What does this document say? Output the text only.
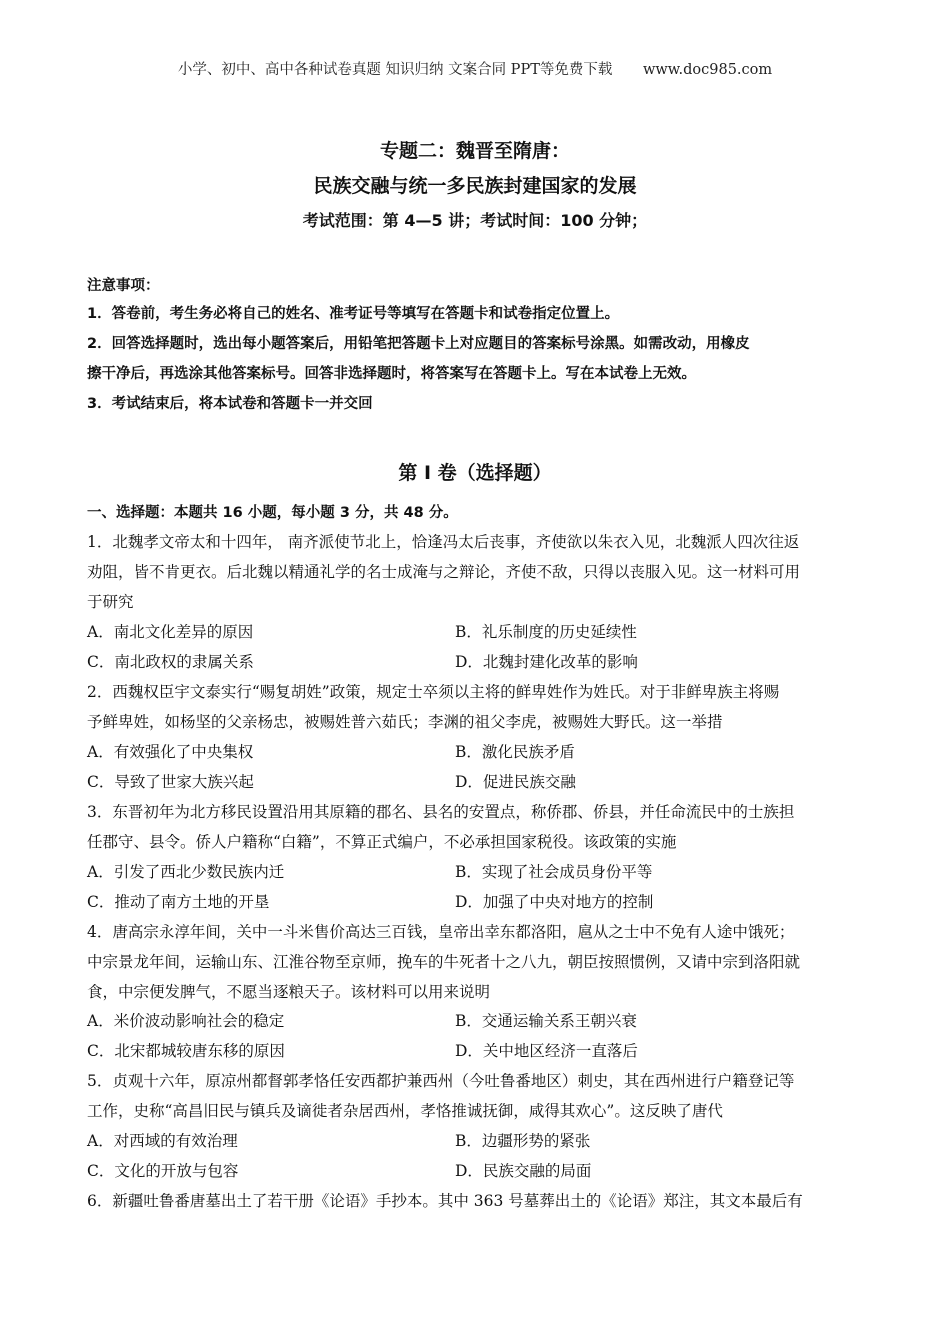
小学、初中、高中各种试卷真题 知识归纳 文案合同 PPT等免费下载 www.doc985.com
专题二：魏晋至隋唐：
民族交融与统一多民族封建国家的发展
考试范围：第 4—5 讲；考试时间：100 分钟；
注意事项：
1．答卷前，考生务必将自己的姓名、准考证号等填写在答题卡和试卷指定位置上。
2．回答选择题时，选出每小题答案后，用铅笔把答题卡上对应题目的答案标号涂黑。如需改动，用橡皮
擦干净后，再选涂其他答案标号。回答非选择题时，将答案写在答题卡上。写在本试卷上无效。
3．考试结束后，将本试卷和答题卡一并交回
第 I 卷（选择题）
一、选择题：本题共 16 小题，每小题 3 分，共 48 分。
1．北魏孝文帝太和十四年， 南齐派使节北上，恰逢冯太后丧事，齐使欲以朱衣入见，北魏派人四次往返
劝阻，皆不肯更衣。后北魏以精通礼学的名士成淹与之辩论，齐使不敌，只得以丧服入见。这一材料可用
于研究
A．南北文化差异的原因	B．礼乐制度的历史延续性
C．南北政权的隶属关系	D．北魏封建化改革的影响
2．西魏权臣宇文泰实行“赐复胡姓”政策，规定士卒须以主将的鲜卑姓作为姓氏。对于非鲜卑族主将赐
予鲜卑姓，如杨坚的父亲杨忠，被赐姓普六茹氏；李渊的祖父李虎，被赐姓大野氏。这一举措
A．有效强化了中央集权	B．激化民族矛盾
C．导致了世家大族兴起	D．促进民族交融
3．东晋初年为北方移民设置沿用其原籍的郡名、县名的安置点，称侨郡、侨县，并任命流民中的士族担
任郡守、县令。侨人户籍称“白籍”，不算正式编户，不必承担国家税役。该政策的实施
A．引发了西北少数民族内迁	B．实现了社会成员身份平等
C．推动了南方土地的开垦	D．加强了中央对地方的控制
4．唐高宗永淳年间，关中一斗米售价高达三百钱，皇帝出幸东都洛阳，扈从之士中不免有人途中饿死；
中宗景龙年间，运输山东、江淮谷物至京师，挽车的牛死者十之八九，朝臣按照惯例，又请中宗到洛阳就
食，中宗便发脾气，不愿当逐粮天子。该材料可以用来说明
A．米价波动影响社会的稳定	B．交通运输关系王朝兴衰
C．北宋都城较唐东移的原因	D．关中地区经济一直落后
5．贞观十六年，原凉州都督郭孝恪任安西都护兼西州（今吐鲁番地区）刺史，其在西州进行户籍登记等
工作，史称“高昌旧民与镇兵及谪徙者杂居西州，孝恪推诚抚御，咸得其欢心”。这反映了唐代
A．对西域的有效治理	B．边疆形势的紧张
C．文化的开放与包容	D．民族交融的局面
6．新疆吐鲁番唐墓出土了若干册《论语》手抄本。其中 363 号墓葬出土的《论语》郑注，其文本最后有
